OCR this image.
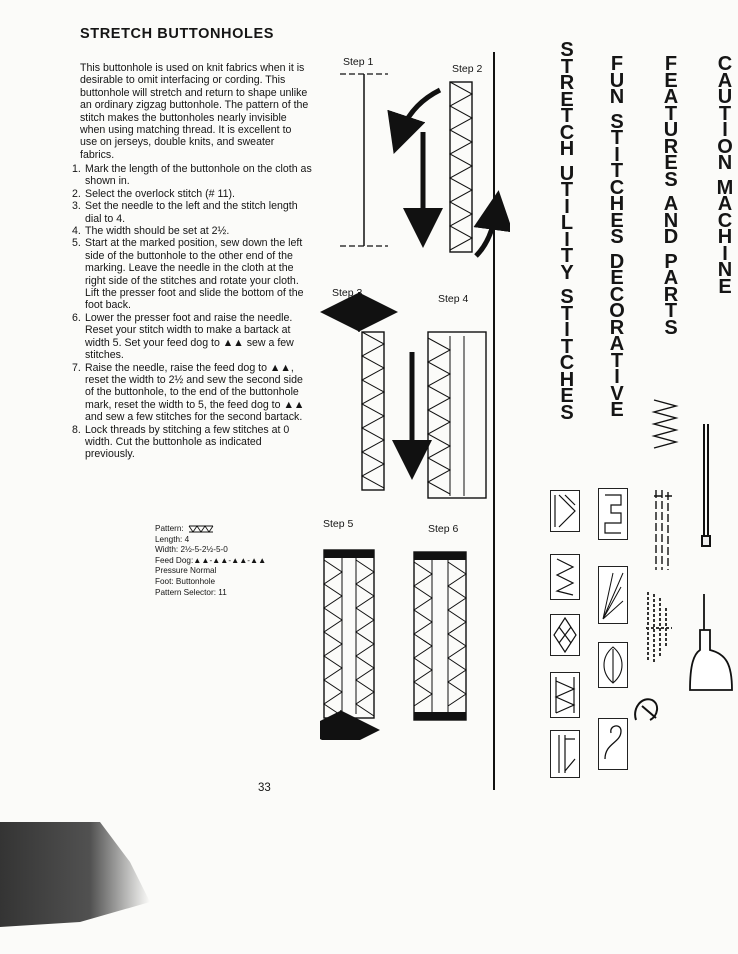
STRETCH BUTTONHOLES
This buttonhole is used on knit fabrics when it is desirable to omit interfacing or cording. This buttonhole will stretch and return to shape unlike an ordinary zigzag buttonhole. The pattern of the stitch makes the buttonholes nearly invisible when using matching thread. It is excellent to use on jerseys, double knits, and sweater fabrics.
1. Mark the length of the buttonhole on the cloth as shown in.
2. Select the overlock stitch (# 11).
3. Set the needle to the left and the stitch length dial to 4.
4. The width should be set at 2½.
5. Start at the marked position, sew down the left side of the buttonhole to the other end of the marking. Leave the needle in the cloth at the right side of the stitches and rotate your cloth. Lift the presser foot and slide the bottom of the foot back.
6. Lower the presser foot and raise the needle. Reset your stitch width to make a bartack at width 5. Set your feed dog to ▲▲ sew a few stitches.
7. Raise the needle, raise the feed dog to ▲▲, reset the width to 2½ and sew the second side of the buttonhole, to the end of the buttonhole mark, reset the width to 5, the feed dog to ▲▲ and sew a few stitches for the second bartack.
8. Lock threads by stitching a few stitches at 0 width. Cut the buttonhole as indicated previously.
Pattern:
Length: 4
Width: 2½-5-2½-5-0
Feed Dog:▲▲-▲▲-▲▲-▲▲
Pressure Normal
Foot: Buttonhole
Pattern Selector: 11
Step 1
Step 2
Step 3	Step 4
Step 5	Step 6
33
S
T
R
E
T
C
H
U
T
I
L
I
T
Y
S
T
I
T
C
H
E
S
F
U
N
S
T
I
T
C
H
E
S
D
E
C
O
R
A
T
I
V
E
F
E
A
T
U
R
E
S
A
N
D
P
A
R
T
S
C
A
U
T
I
O
N
M
A
C
H
I
N
E
